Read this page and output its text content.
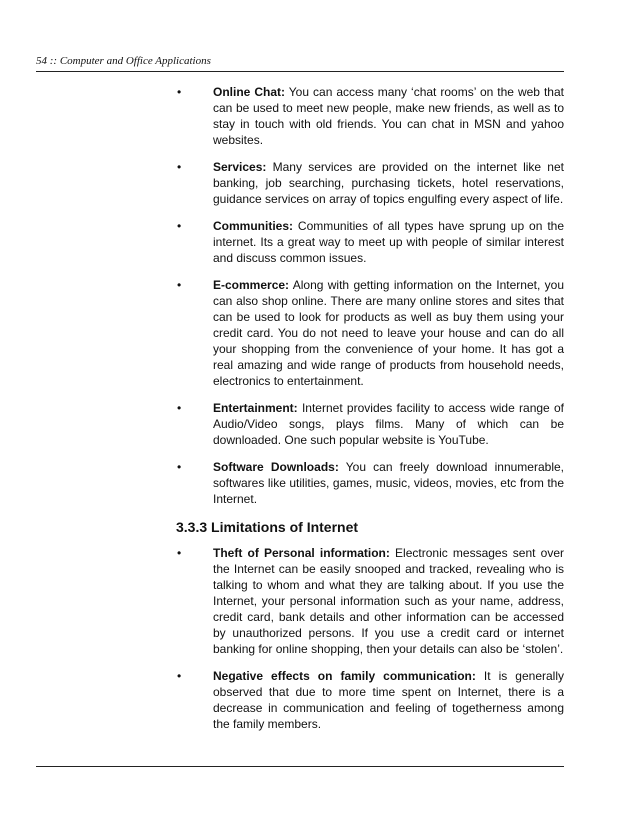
54 :: Computer and Office Applications
•	Online Chat: You can access many ‘chat rooms’ on the web that can be used to meet new people, make new friends, as well as to stay in touch with old friends. You can chat in MSN and yahoo websites.
•	Services: Many services are provided on the internet like net banking, job searching, purchasing tickets, hotel reservations, guidance services on array of topics engulfing every aspect of life.
•	Communities: Communities of all types have sprung up on the internet. Its a great way to meet up with people of similar interest and discuss common issues.
•	E-commerce: Along with getting information on the Internet, you can also shop online. There are many online stores and sites that can be used to look for products as well as buy them using your credit card. You do not need to leave your house and can do all your shopping from the convenience of your home. It has got a real amazing and wide range of products from household needs, electronics to entertainment.
•	Entertainment: Internet provides facility to access wide range of Audio/Video songs, plays films. Many of which can be downloaded. One such popular website is YouTube.
•	Software Downloads: You can freely download innumerable, softwares like utilities, games, music, videos, movies, etc from the Internet.
3.3.3 Limitations of Internet
•	Theft of Personal information: Electronic messages sent over the Internet can be easily snooped and tracked, revealing who is talking to whom and what they are talking about. If you use the Internet, your personal information such as your name, address, credit card, bank details and other information can be accessed by unauthorized persons. If you use a credit card or internet banking for online shopping, then your details can also be ‘stolen’.
•	Negative effects on family communication: It is generally observed that due to more time spent on Internet, there is a decrease in communication and feeling of togetherness among the family members.
